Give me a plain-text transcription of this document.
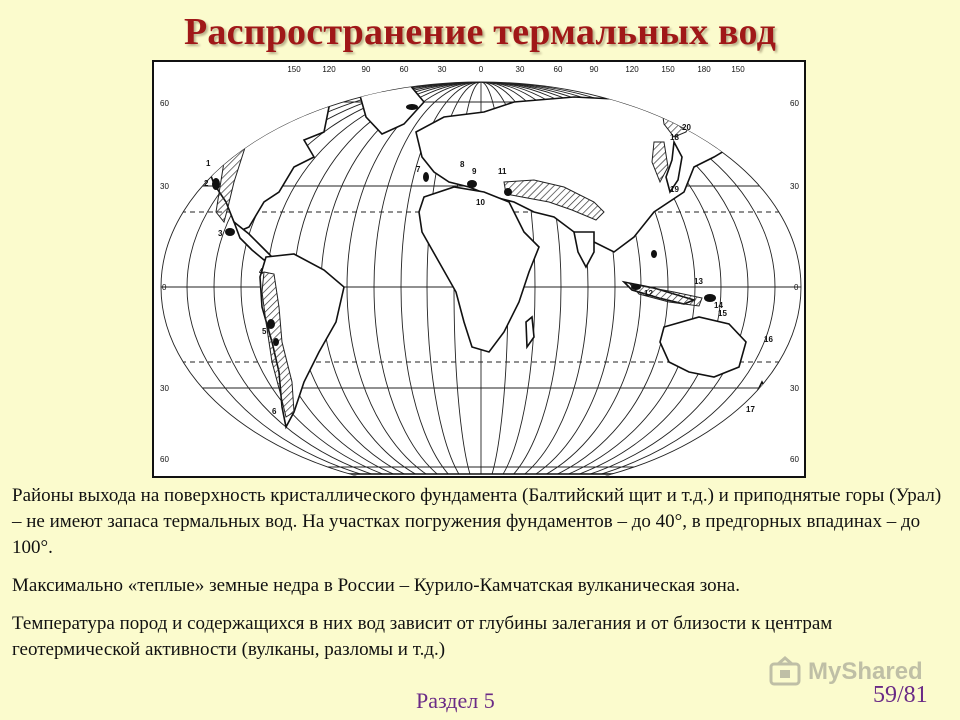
Распространение термальных вод
150	120	90	60	30	0	30	60	90	120	150	180	150
60
30
0
30
60
60
30
0
30
60
1
2
3
4
5
6
7
8
9
10
11
12
13
14
15
16
17
18
19
20

Районы выхода на поверхность кристаллического фундамента (Балтийский щит и т.д.) и приподнятые горы (Урал) – не имеют запаса термальных вод. На участках погружения фундаментов – до 40°, в предгорных впадинах – до 100°.

Максимально «теплые» земные недра в России – Курило-Камчатская вулканическая зона.

Температура пород и содержащихся в них вод зависит от глубины залегания и от близости к центрам геотермической активности (вулканы, разломы и т.д.)

MyShared
Раздел 5	59/81
